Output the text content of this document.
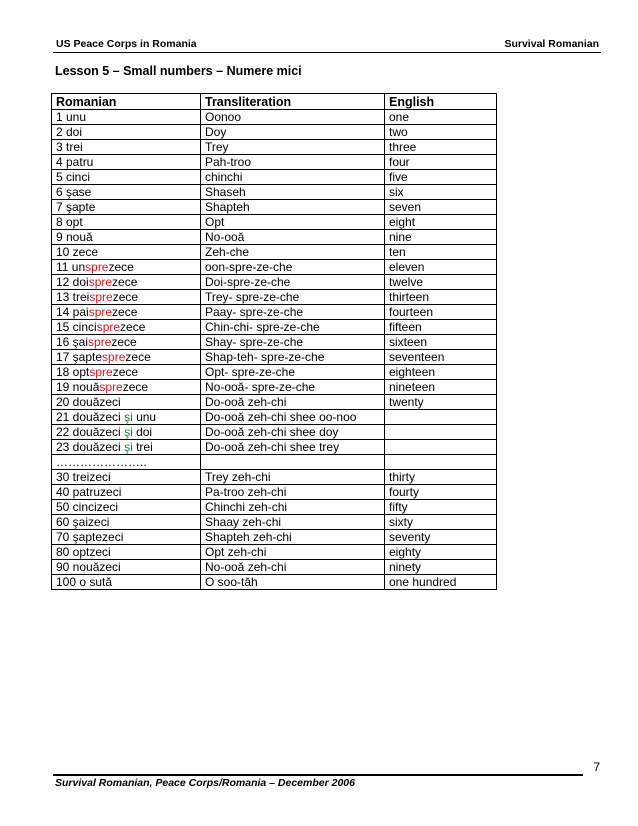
US Peace Corps in Romania	Survival Romanian
Lesson 5 – Small numbers – Numere mici
Romanian	Transliteration	English
1 unu	Oonoo	one
2 doi	Doy	two
3 trei	Trey	three
4 patru	Pah-troo	four
5 cinci	chinchi	five
6 şase	Shaseh	six
7 şapte	Shapteh	seven
8 opt	Opt	eight
9 nouă	No-ooă	nine
10 zece	Zeh-che	ten
11 unsprezece	oon-spre-ze-che	eleven
12 doisprezece	Doi-spre-ze-che	twelve
13 treisprezece	Trey- spre-ze-che	thirteen
14 paisprezece	Paay- spre-ze-che	fourteen
15 cincisprezece	Chin-chi- spre-ze-che	fifteen
16 şaisprezece	Shay- spre-ze-che	sixteen
17 şaptesprezece	Shap-teh- spre-ze-che	seventeen
18 optsprezece	Opt- spre-ze-che	eighteen
19 nouăsprezece	No-ooă- spre-ze-che	nineteen
20 douăzeci	Do-ooă zeh-chi	twenty
21 douăzeci şi unu	Do-ooă zeh-chi shee oo-noo	
22 douăzeci şi doi	Do-ooă zeh-chi shee doy	
23 douăzeci şi trei	Do-ooă zeh-chi shee trey	
…………………..		
30 treizeci	Trey zeh-chi	thirty
40 patruzeci	Pa-troo zeh-chi	fourty
50 cincizeci	Chinchi zeh-chi	fifty
60 şaizeci	Shaay zeh-chi	sixty
70 şaptezeci	Shapteh zeh-chi	seventy
80 optzeci	Opt zeh-chi	eighty
90 nouăzeci	No-ooă zeh-chi	ninety
100 o sută	O soo-tăh	one hundred
7
Survival Romanian, Peace Corps/Romania – December 2006
